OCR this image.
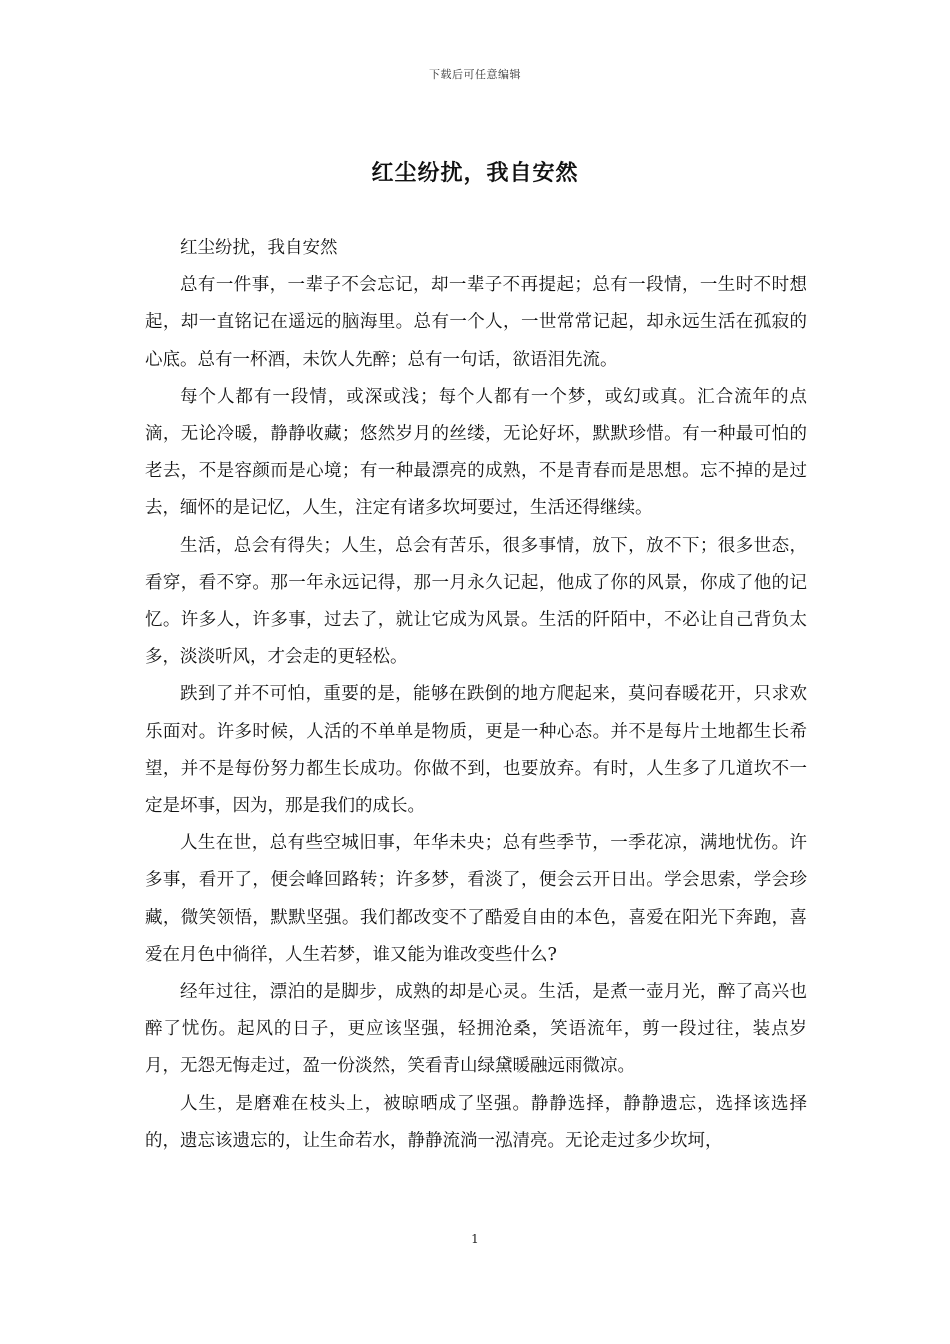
下载后可任意编辑
红尘纷扰，我自安然

红尘纷扰，我自安然

总有一件事，一辈子不会忘记，却一辈子不再提起；总有一段情，一生时不时想起，却一直铭记在遥远的脑海里。总有一个人，一世常常记起，却永远生活在孤寂的心底。总有一杯酒，未饮人先醉；总有一句话，欲语泪先流。

每个人都有一段情，或深或浅；每个人都有一个梦，或幻或真。汇合流年的点滴，无论冷暖，静静收藏；悠然岁月的丝缕，无论好坏，默默珍惜。有一种最可怕的老去，不是容颜而是心境；有一种最漂亮的成熟，不是青春而是思想。忘不掉的是过去，缅怀的是记忆，人生，注定有诸多坎坷要过，生活还得继续。

生活，总会有得失；人生，总会有苦乐，很多事情，放下，放不下；很多世态，看穿，看不穿。那一年永远记得，那一月永久记起，他成了你的风景，你成了他的记忆。许多人，许多事，过去了，就让它成为风景。生活的阡陌中，不必让自己背负太多，淡淡听风，才会走的更轻松。

跌到了并不可怕，重要的是，能够在跌倒的地方爬起来，莫问春暖花开，只求欢乐面对。许多时候，人活的不单单是物质，更是一种心态。并不是每片土地都生长希望，并不是每份努力都生长成功。你做不到，也要放弃。有时，人生多了几道坎不一定是坏事，因为，那是我们的成长。

人生在世，总有些空城旧事，年华未央；总有些季节，一季花凉，满地忧伤。许多事，看开了，便会峰回路转；许多梦，看淡了，便会云开日出。学会思索，学会珍藏，微笑领悟，默默坚强。我们都改变不了酷爱自由的本色，喜爱在阳光下奔跑，喜爱在月色中徜徉，人生若梦，谁又能为谁改变些什么?

经年过往，漂泊的是脚步，成熟的却是心灵。生活，是煮一壶月光，醉了高兴也醉了忧伤。起风的日子，更应该坚强，轻拥沧桑，笑语流年，剪一段过往，装点岁月，无怨无悔走过，盈一份淡然，笑看青山绿黛暖融远雨微凉。

人生，是磨难在枝头上，被晾晒成了坚强。静静选择，静静遗忘，选择该选择的，遗忘该遗忘的，让生命若水，静静流淌一泓清亮。无论走过多少坎坷，

1
